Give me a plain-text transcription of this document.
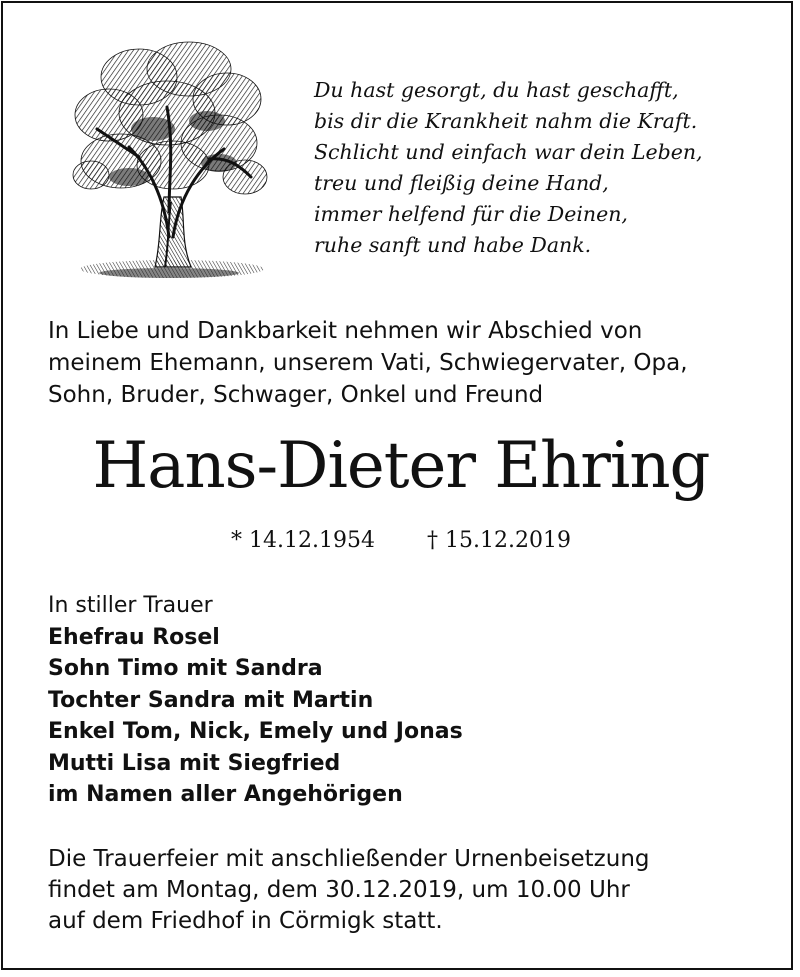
Du hast gesorgt, du hast geschafft,
bis dir die Krankheit nahm die Kraft.
Schlicht und einfach war dein Leben,
treu und fleißig deine Hand,
immer helfend für die Deinen,
ruhe sanft und habe Dank.
In Liebe und Dankbarkeit nehmen wir Abschied von
meinem Ehemann, unserem Vati, Schwiegervater, Opa,
Sohn, Bruder, Schwager, Onkel und Freund
Hans-Dieter Ehring
* 14.12.1954 † 15.12.2019
In stiller Trauer
Ehefrau Rosel
Sohn Timo mit Sandra
Tochter Sandra mit Martin
Enkel Tom, Nick, Emely und Jonas
Mutti Lisa mit Siegfried
im Namen aller Angehörigen
Die Trauerfeier mit anschließender Urnenbeisetzung
findet am Montag, dem 30.12.2019, um 10.00 Uhr
auf dem Friedhof in Cörmigk statt.
